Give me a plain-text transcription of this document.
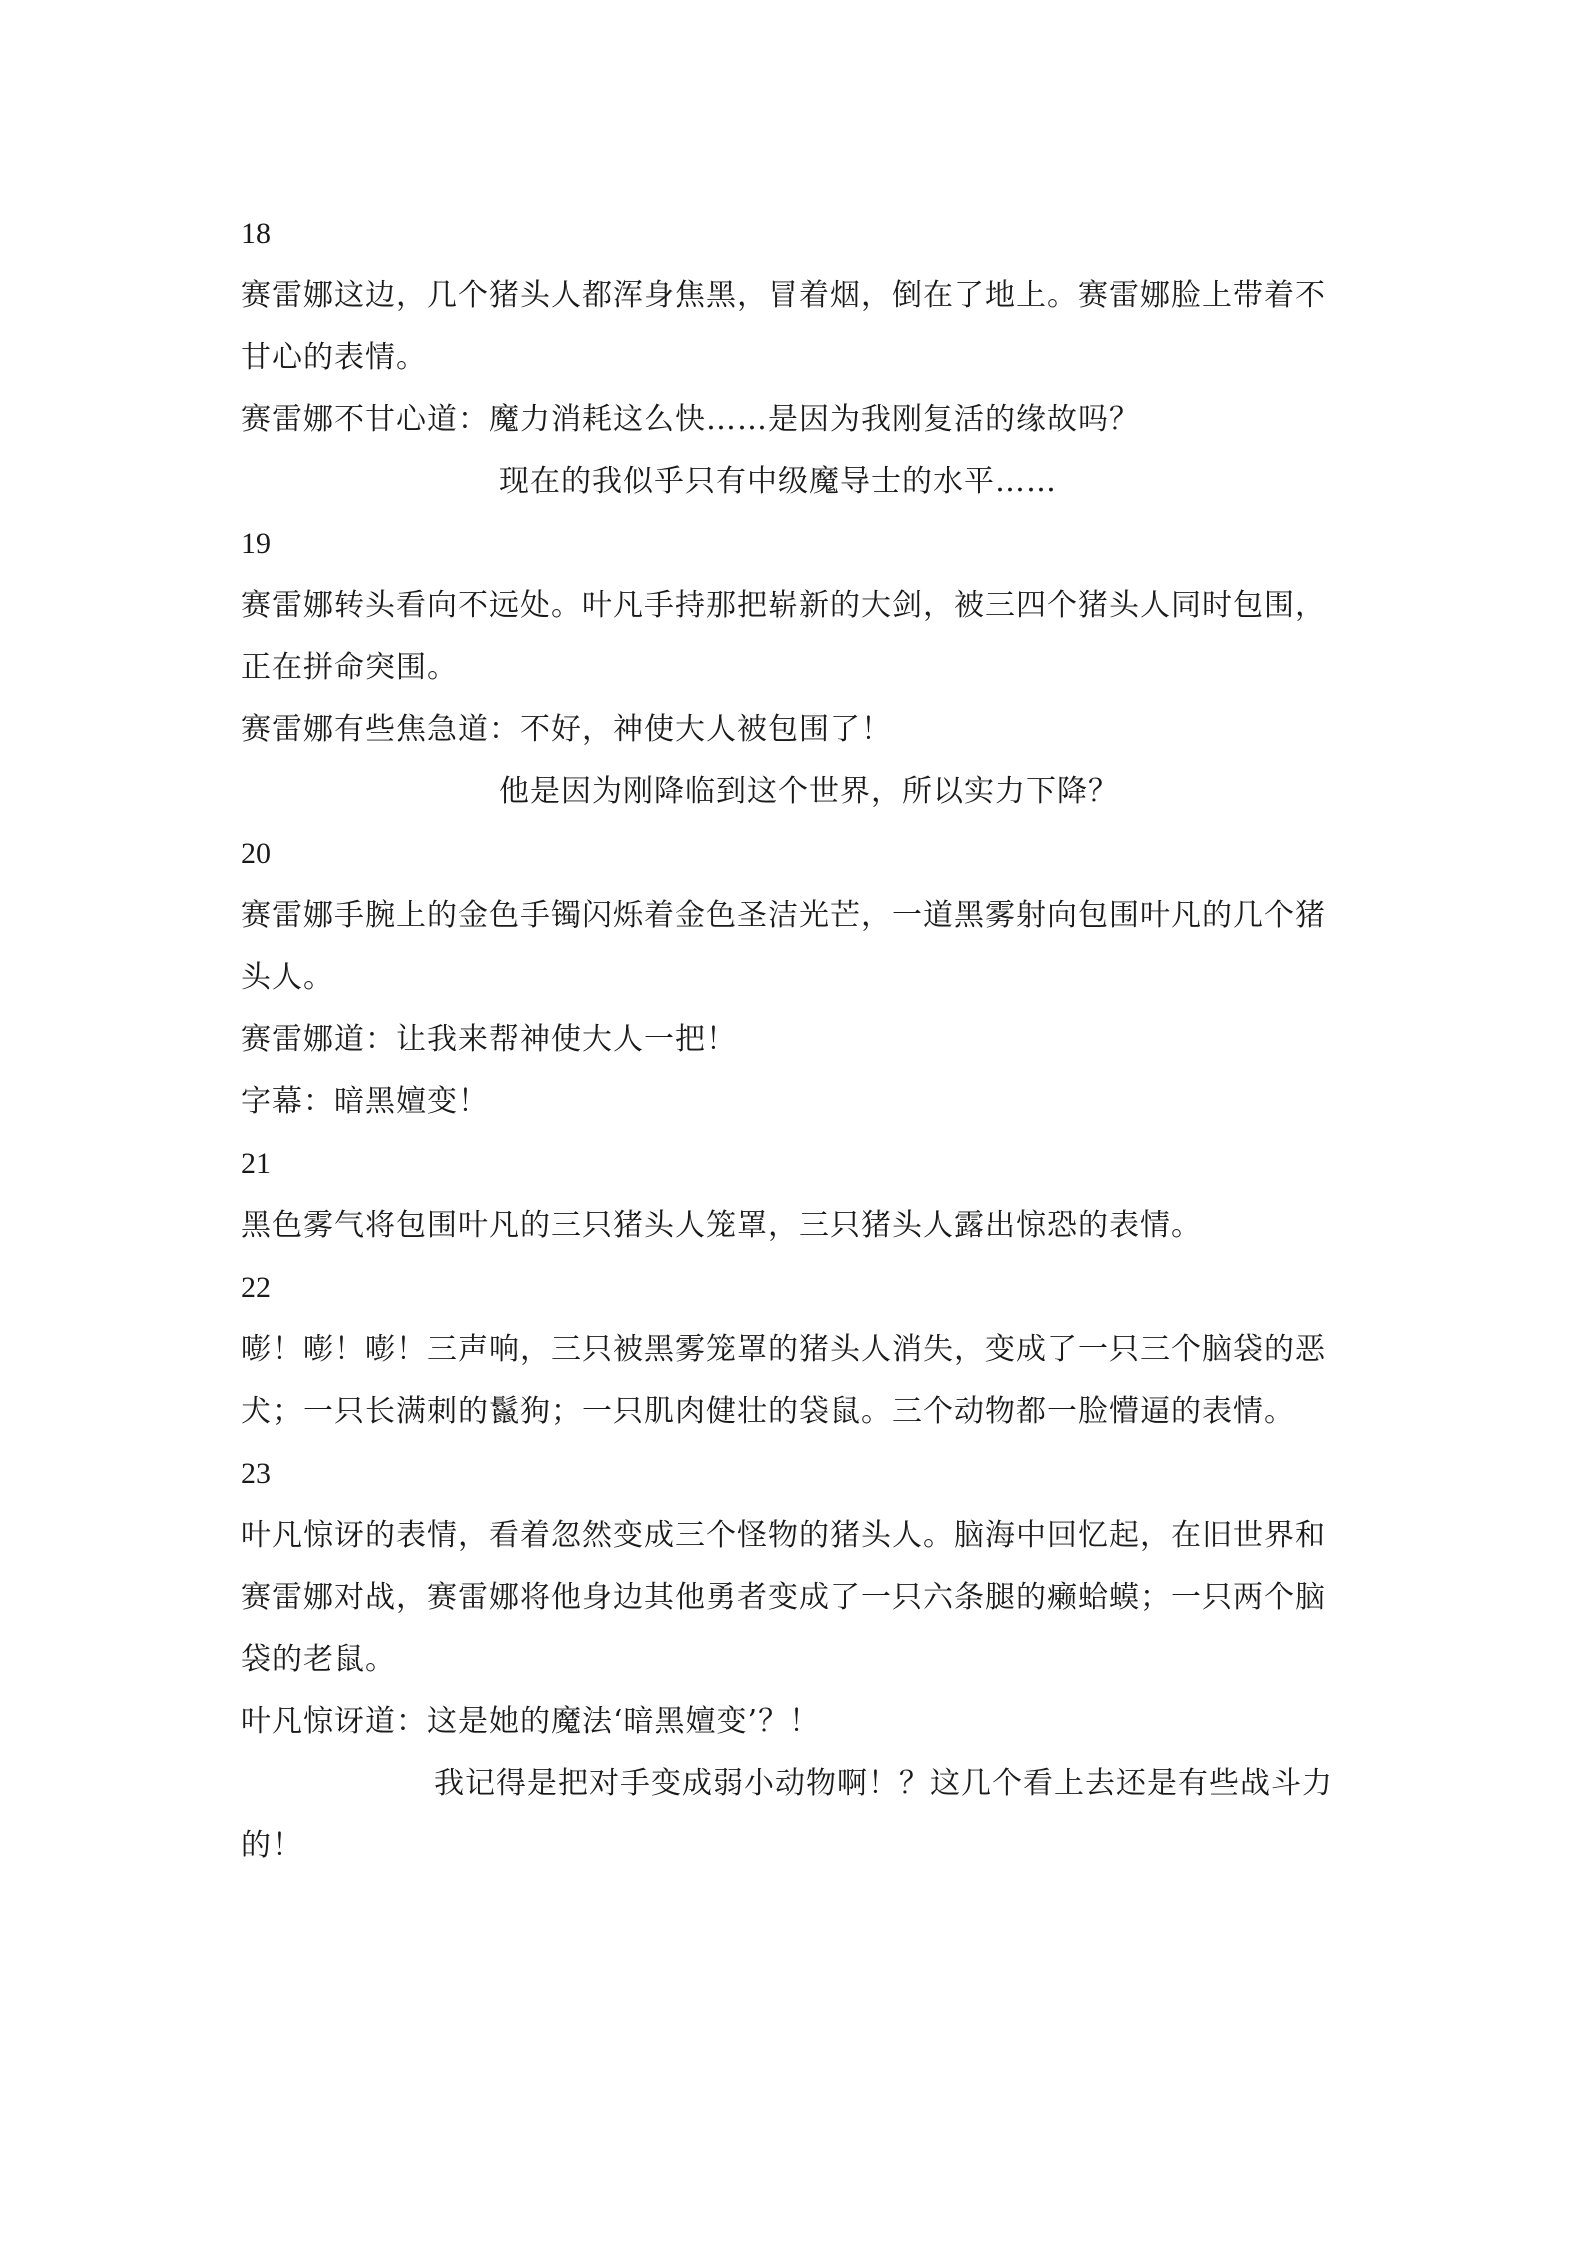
18
赛雷娜这边，几个猪头人都浑身焦黑，冒着烟，倒在了地上。赛雷娜脸上带着不
甘心的表情。
赛雷娜不甘心道：魔力消耗这么快……是因为我刚复活的缘故吗？
现在的我似乎只有中级魔导士的水平……
19
赛雷娜转头看向不远处。叶凡手持那把崭新的大剑，被三四个猪头人同时包围，
正在拼命突围。
赛雷娜有些焦急道：不好，神使大人被包围了！
他是因为刚降临到这个世界，所以实力下降？
20
赛雷娜手腕上的金色手镯闪烁着金色圣洁光芒，一道黑雾射向包围叶凡的几个猪
头人。
赛雷娜道：让我来帮神使大人一把！
字幕：暗黑嬗变！
21
黑色雾气将包围叶凡的三只猪头人笼罩，三只猪头人露出惊恐的表情。
22
嘭！嘭！嘭！三声响，三只被黑雾笼罩的猪头人消失，变成了一只三个脑袋的恶
犬；一只长满刺的鬣狗；一只肌肉健壮的袋鼠。三个动物都一脸懵逼的表情。
23
叶凡惊讶的表情，看着忽然变成三个怪物的猪头人。脑海中回忆起，在旧世界和
赛雷娜对战，赛雷娜将他身边其他勇者变成了一只六条腿的癞蛤蟆；一只两个脑
袋的老鼠。
叶凡惊讶道：这是她的魔法‘暗黑嬗变’？！
我记得是把对手变成弱小动物啊！？这几个看上去还是有些战斗力
的！
